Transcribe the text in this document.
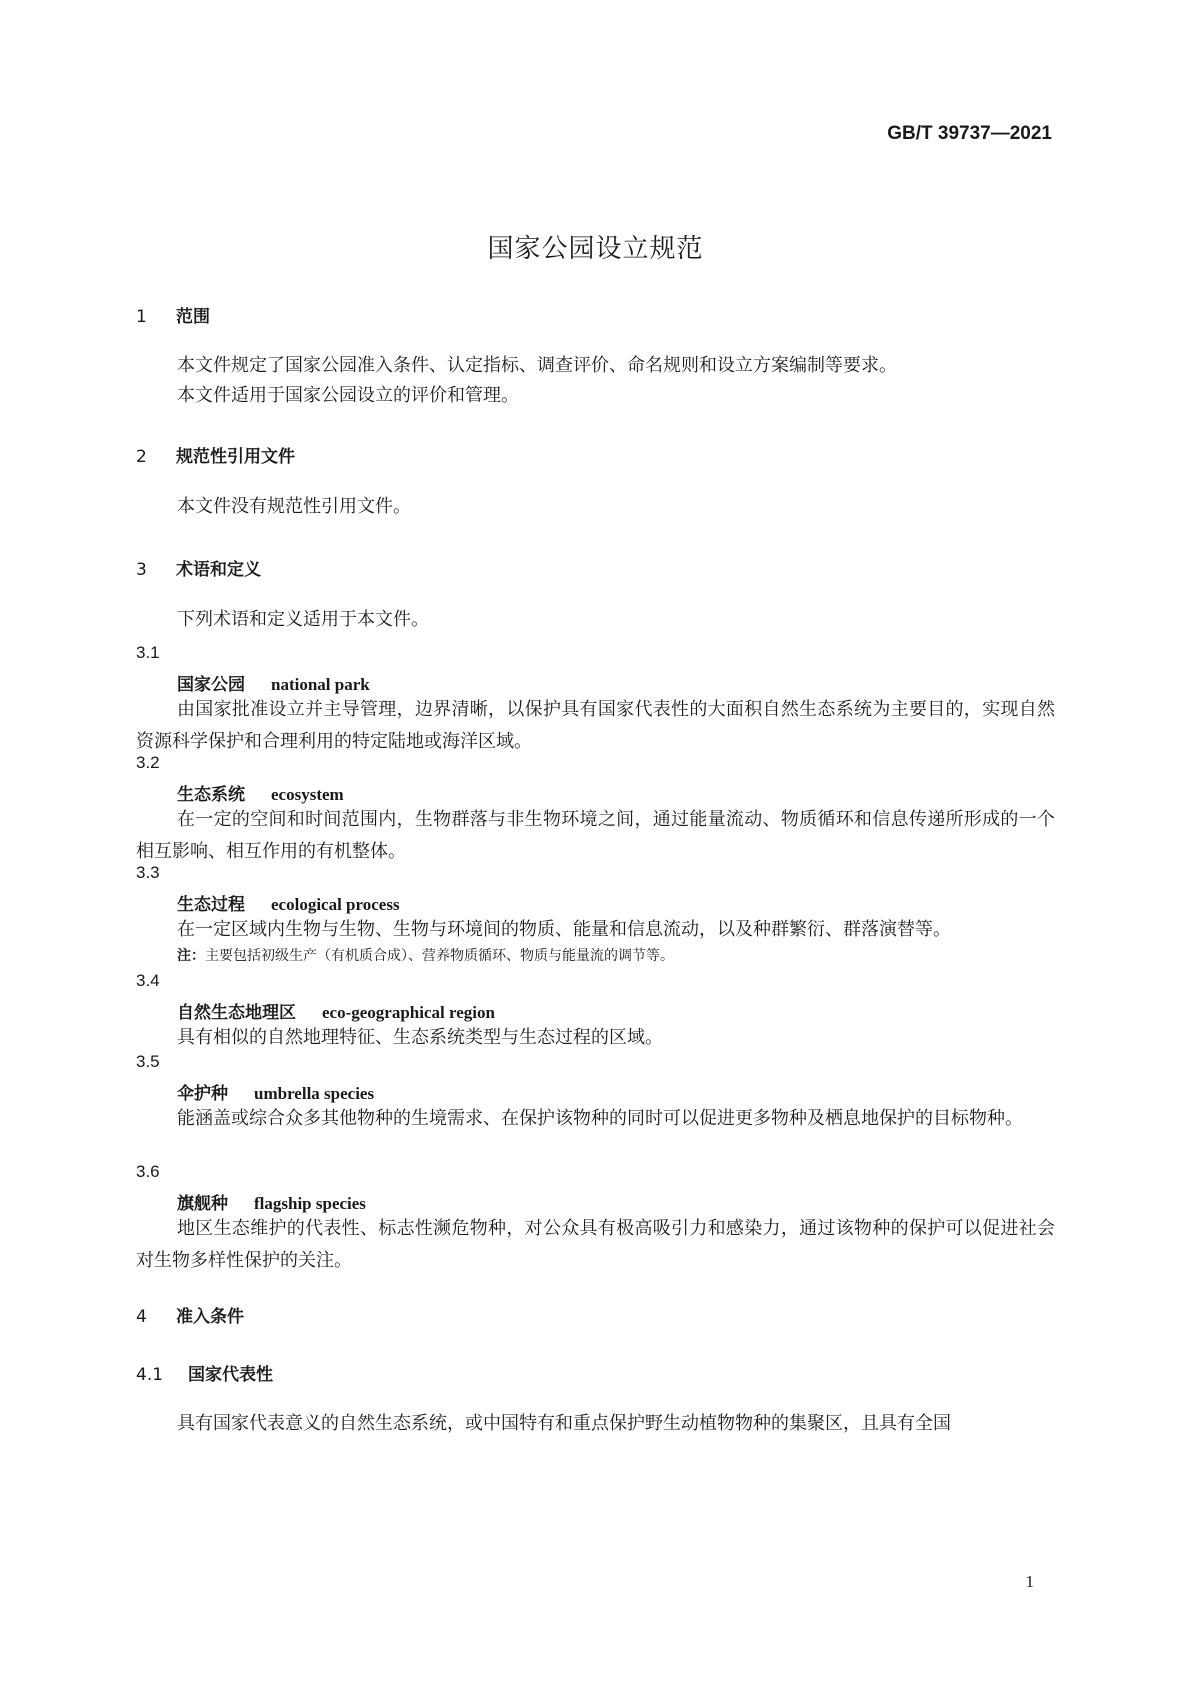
GB/T 39737—2021
国家公园设立规范
1 范围
本文件规定了国家公园准入条件、认定指标、调查评价、命名规则和设立方案编制等要求。
本文件适用于国家公园设立的评价和管理。
2 规范性引用文件
本文件没有规范性引用文件。
3 术语和定义
下列术语和定义适用于本文件。
3.1
国家公园 national park
由国家批准设立并主导管理，边界清晰，以保护具有国家代表性的大面积自然生态系统为主要目的，实现自然资源科学保护和合理利用的特定陆地或海洋区域。
3.2
生态系统 ecosystem
在一定的空间和时间范围内，生物群落与非生物环境之间，通过能量流动、物质循环和信息传递所形成的一个相互影响、相互作用的有机整体。
3.3
生态过程 ecological process
在一定区域内生物与生物、生物与环境间的物质、能量和信息流动，以及种群繁衍、群落演替等。
注：主要包括初级生产（有机质合成）、营养物质循环、物质与能量流的调节等。
3.4
自然生态地理区 eco-geographical region
具有相似的自然地理特征、生态系统类型与生态过程的区域。
3.5
伞护种 umbrella species
能涵盖或综合众多其他物种的生境需求、在保护该物种的同时可以促进更多物种及栖息地保护的目标物种。
3.6
旗舰种 flagship species
地区生态维护的代表性、标志性濒危物种，对公众具有极高吸引力和感染力，通过该物种的保护可以促进社会对生物多样性保护的关注。
4 准入条件
4.1 国家代表性
具有国家代表意义的自然生态系统，或中国特有和重点保护野生动植物物种的集聚区，且具有全国
1
